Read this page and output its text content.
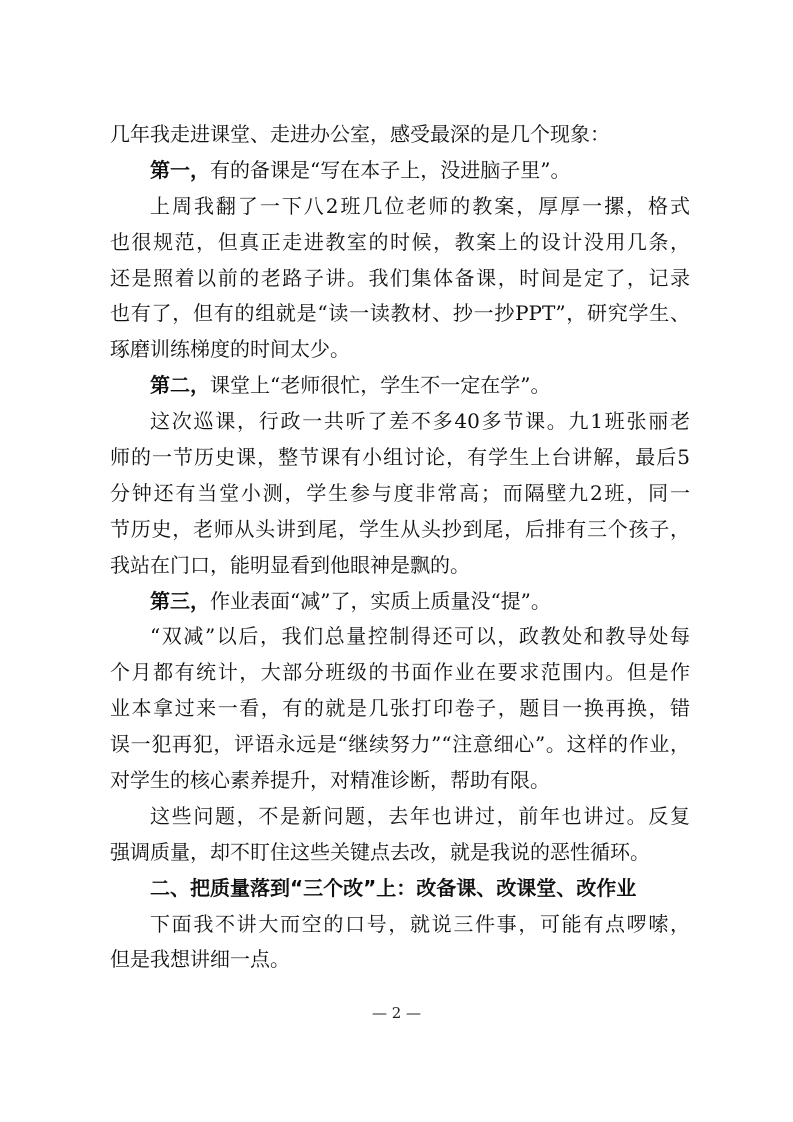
几年我走进课堂、走进办公室，感受最深的是几个现象：
第一，有的备课是“写在本子上，没进脑子里”。
上周我翻了一下八2班几位老师的教案，厚厚一摞，格式
也很规范，但真正走进教室的时候，教案上的设计没用几条，
还是照着以前的老路子讲。我们集体备课，时间是定了，记录
也有了，但有的组就是“读一读教材、抄一抄PPT”，研究学生、
琢磨训练梯度的时间太少。
第二，课堂上“老师很忙，学生不一定在学”。
这次巡课，行政一共听了差不多40多节课。九1班张丽老
师的一节历史课，整节课有小组讨论，有学生上台讲解，最后5
分钟还有当堂小测，学生参与度非常高；而隔壁九2班，同一
节历史，老师从头讲到尾，学生从头抄到尾，后排有三个孩子，
我站在门口，能明显看到他眼神是飘的。
第三，作业表面“减”了，实质上质量没“提”。
“双减”以后，我们总量控制得还可以，政教处和教导处每
个月都有统计，大部分班级的书面作业在要求范围内。但是作
业本拿过来一看，有的就是几张打印卷子，题目一换再换，错
误一犯再犯，评语永远是“继续努力”“注意细心”。这样的作业，
对学生的核心素养提升，对精准诊断，帮助有限。
这些问题，不是新问题，去年也讲过，前年也讲过。反复
强调质量，却不盯住这些关键点去改，就是我说的恶性循环。
二、把质量落到“三个改”上：改备课、改课堂、改作业
下面我不讲大而空的口号，就说三件事，可能有点啰嗦，
但是我想讲细一点。
— 2 —
